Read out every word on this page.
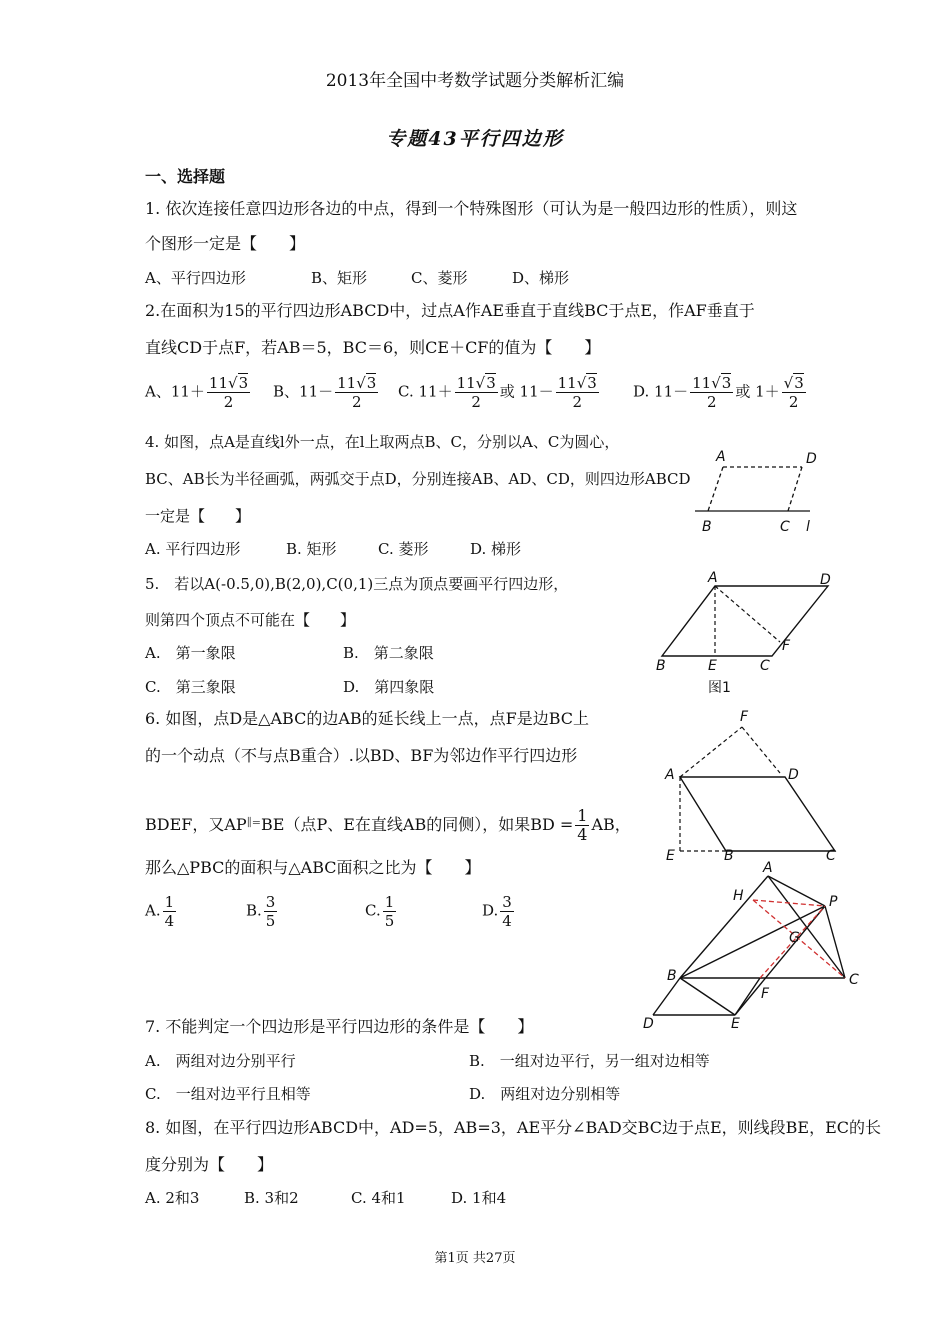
2013年全国中考数学试题分类解析汇编
专题43平行四边形
一、选择题
1. 依次连接任意四边形各边的中点，得到一个特殊图形（可认为是一般四边形的性质），则这
个图形一定是【　　】
A、平行四边形	B、矩形	C、菱形	D、梯形
2.在面积为15的平行四边形ABCD中，过点A作AE垂直于直线BC于点E，作AF垂直于
直线CD于点F，若AB＝5，BC＝6，则CE＋CF的值为【　　】
A、$11+ \frac{11√3}{2}$ B、$11- \frac{11√3}{2} C$. $11+ \frac{11√3}{2}$ 或 $11- \frac{11√3}{2} D$. $11- \frac{11√3}{2}$ 或 $1+ \frac{√3}{2}$
4. 如图，点A是直线l外一点，在l上取两点B、C，分别以A、C为圆心，
BC、AB长为半径画弧，两弧交于点D，分别连接AB、AD、CD，则四边形ABCD
一定是【　　】
A. 平行四边形	B. 矩形	C. 菱形	D. 梯形
A	D
B	C l
5.　若以A(-0.5,0),B(2,0),C(0,1)三点为顶点要画平行四边形，
则第四个顶点不可能在【　　】
A.　第一象限	B.　第二象限
C.　第三象限	D.　第四象限
A	D
B	E	C
F
图1
6. 如图，点D是△ABC的边AB的延长线上一点，点F是边BC上
的一个动点（不与点B重合）.以BD、BF为邻边作平行四边形
BDEF，又AP∥=BE（点P、E在直线AB的同侧），如果BD = $\frac{1}{4}$ AB，
那么△PBC的面积与△ABC面积之比为【　　】
A. $\frac{1}{4}$	B. $\frac{3}{5}$	C. $\frac{1}{5}$	D. $\frac{3}{4}$
F
A	D
E	B	C
A
H	P
G
B	C
F
D	E
7. 不能判定一个四边形是平行四边形的条件是【　　】
A.　两组对边分别平行	B.　一组对边平行，另一组对边相等
C.　一组对边平行且相等	D.　两组对边分别相等
8. 如图，在平行四边形ABCD中，AD=5，AB=3，AE平分∠BAD交BC边于点E，则线段BE，EC的长
度分别为【　　】
A. 2和3	B. 3和2	C. 4和1	D. 1和4
第1页 共27页
